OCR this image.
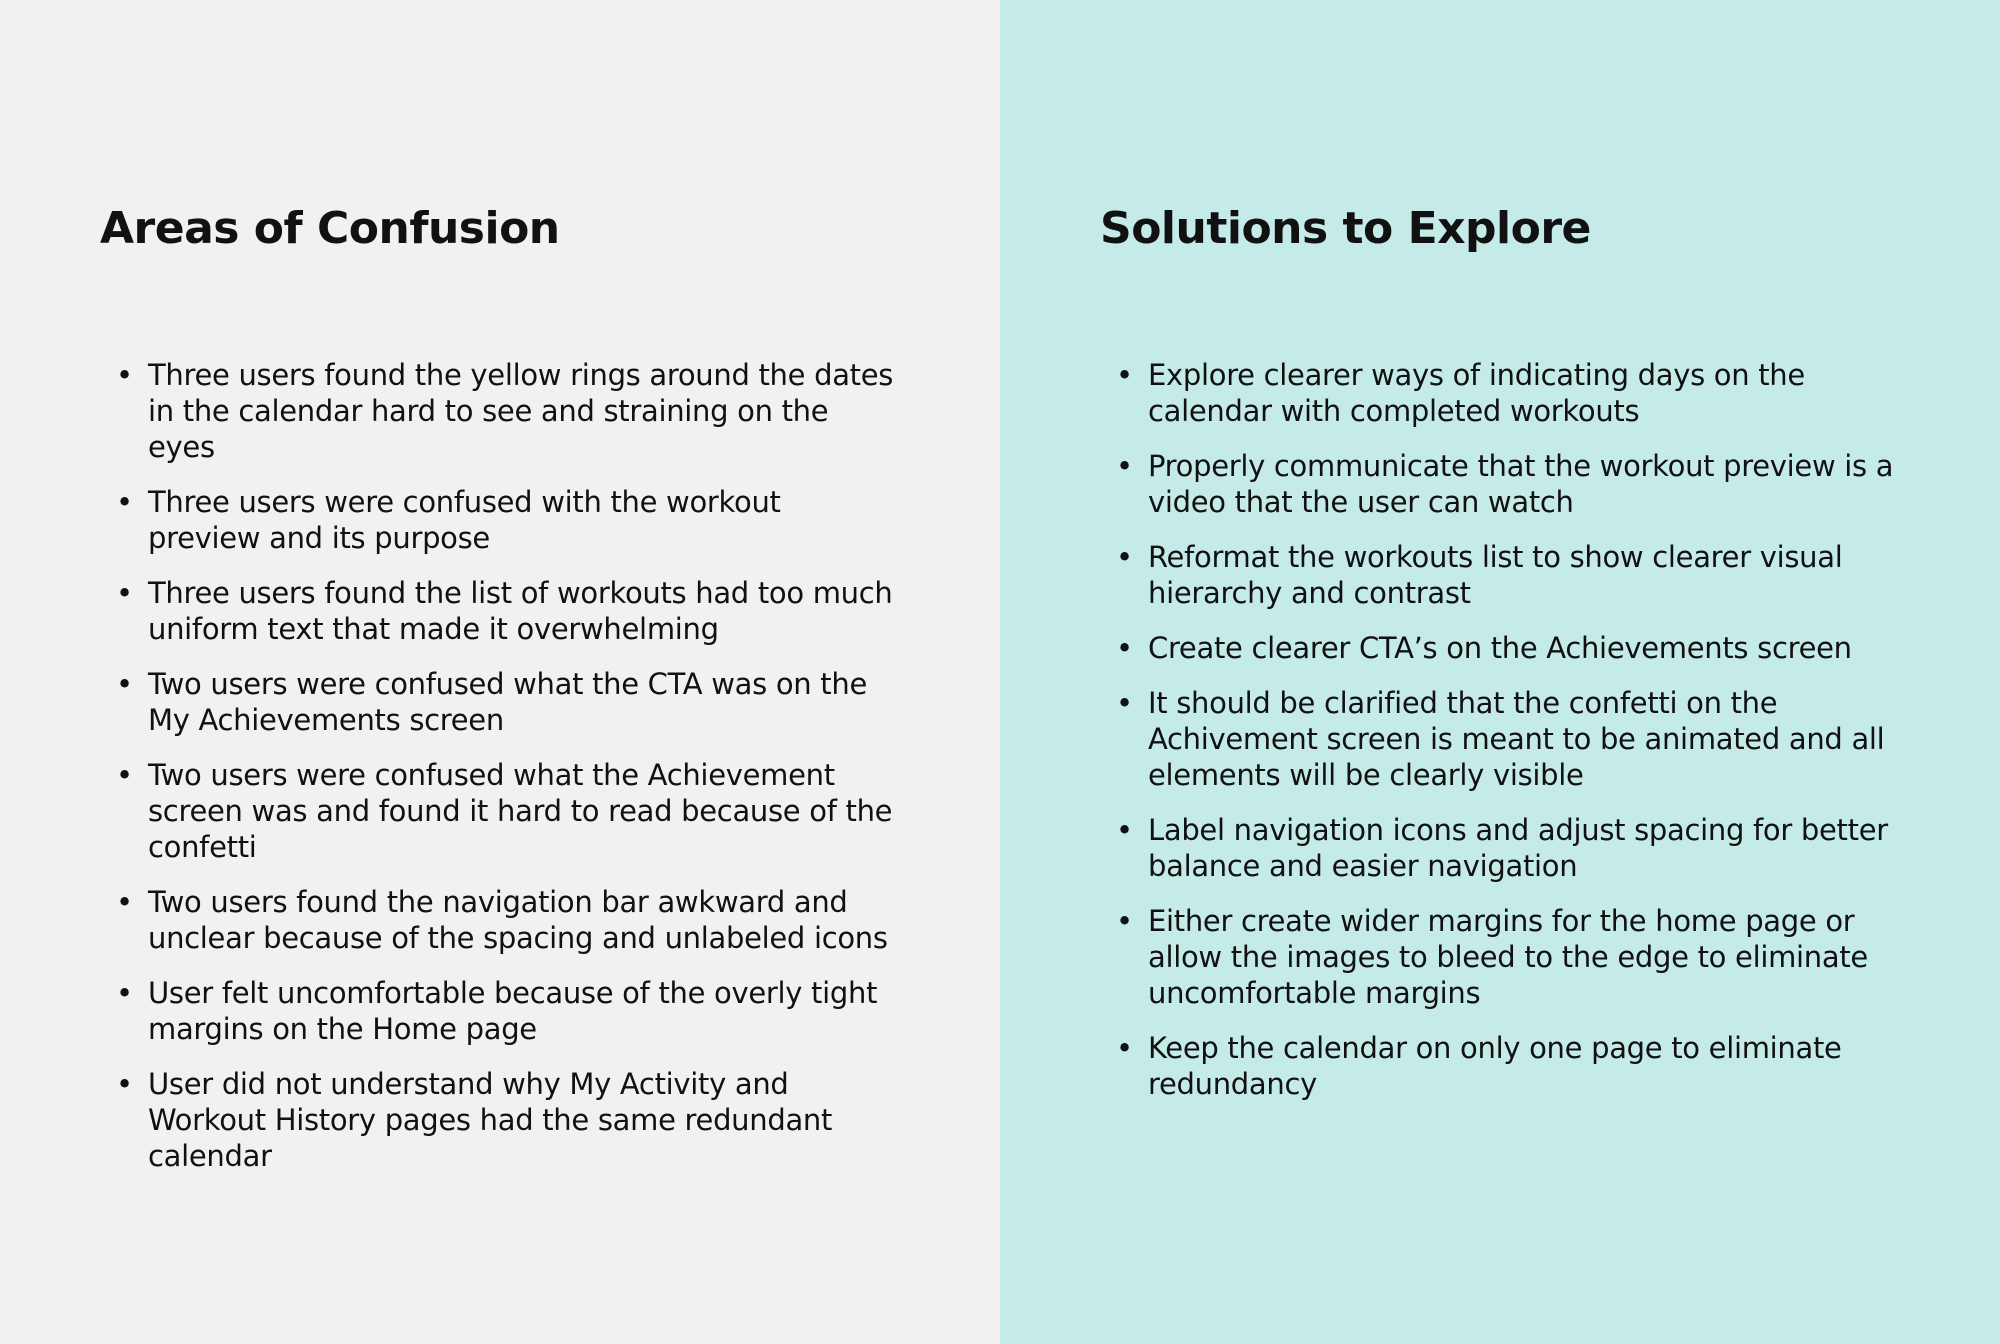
Areas of Confusion
• Three users found the yellow rings around the dates in the calendar hard to see and straining on the eyes
• Three users were confused with the workout preview and its purpose
• Three users found the list of workouts had too much uniform text that made it overwhelming
• Two users were confused what the CTA was on the My Achievements screen
• Two users were confused what the Achievement screen was and found it hard to read because of the confetti
• Two users found the navigation bar awkward and unclear because of the spacing and unlabeled icons
• User felt uncomfortable because of the overly tight margins on the Home page
• User did not understand why My Activity and Workout History pages had the same redundant calendar
Solutions to Explore
• Explore clearer ways of indicating days on the calendar with completed workouts
• Properly communicate that the workout preview is a video that the user can watch
• Reformat the workouts list to show clearer visual hierarchy and contrast
• Create clearer CTA’s on the Achievements screen
• It should be clarified that the confetti on the Achivement screen is meant to be animated and all elements will be clearly visible
• Label navigation icons and adjust spacing for better balance and easier navigation
• Either create wider margins for the home page or allow the images to bleed to the edge to eliminate uncomfortable margins
• Keep the calendar on only one page to eliminate redundancy
